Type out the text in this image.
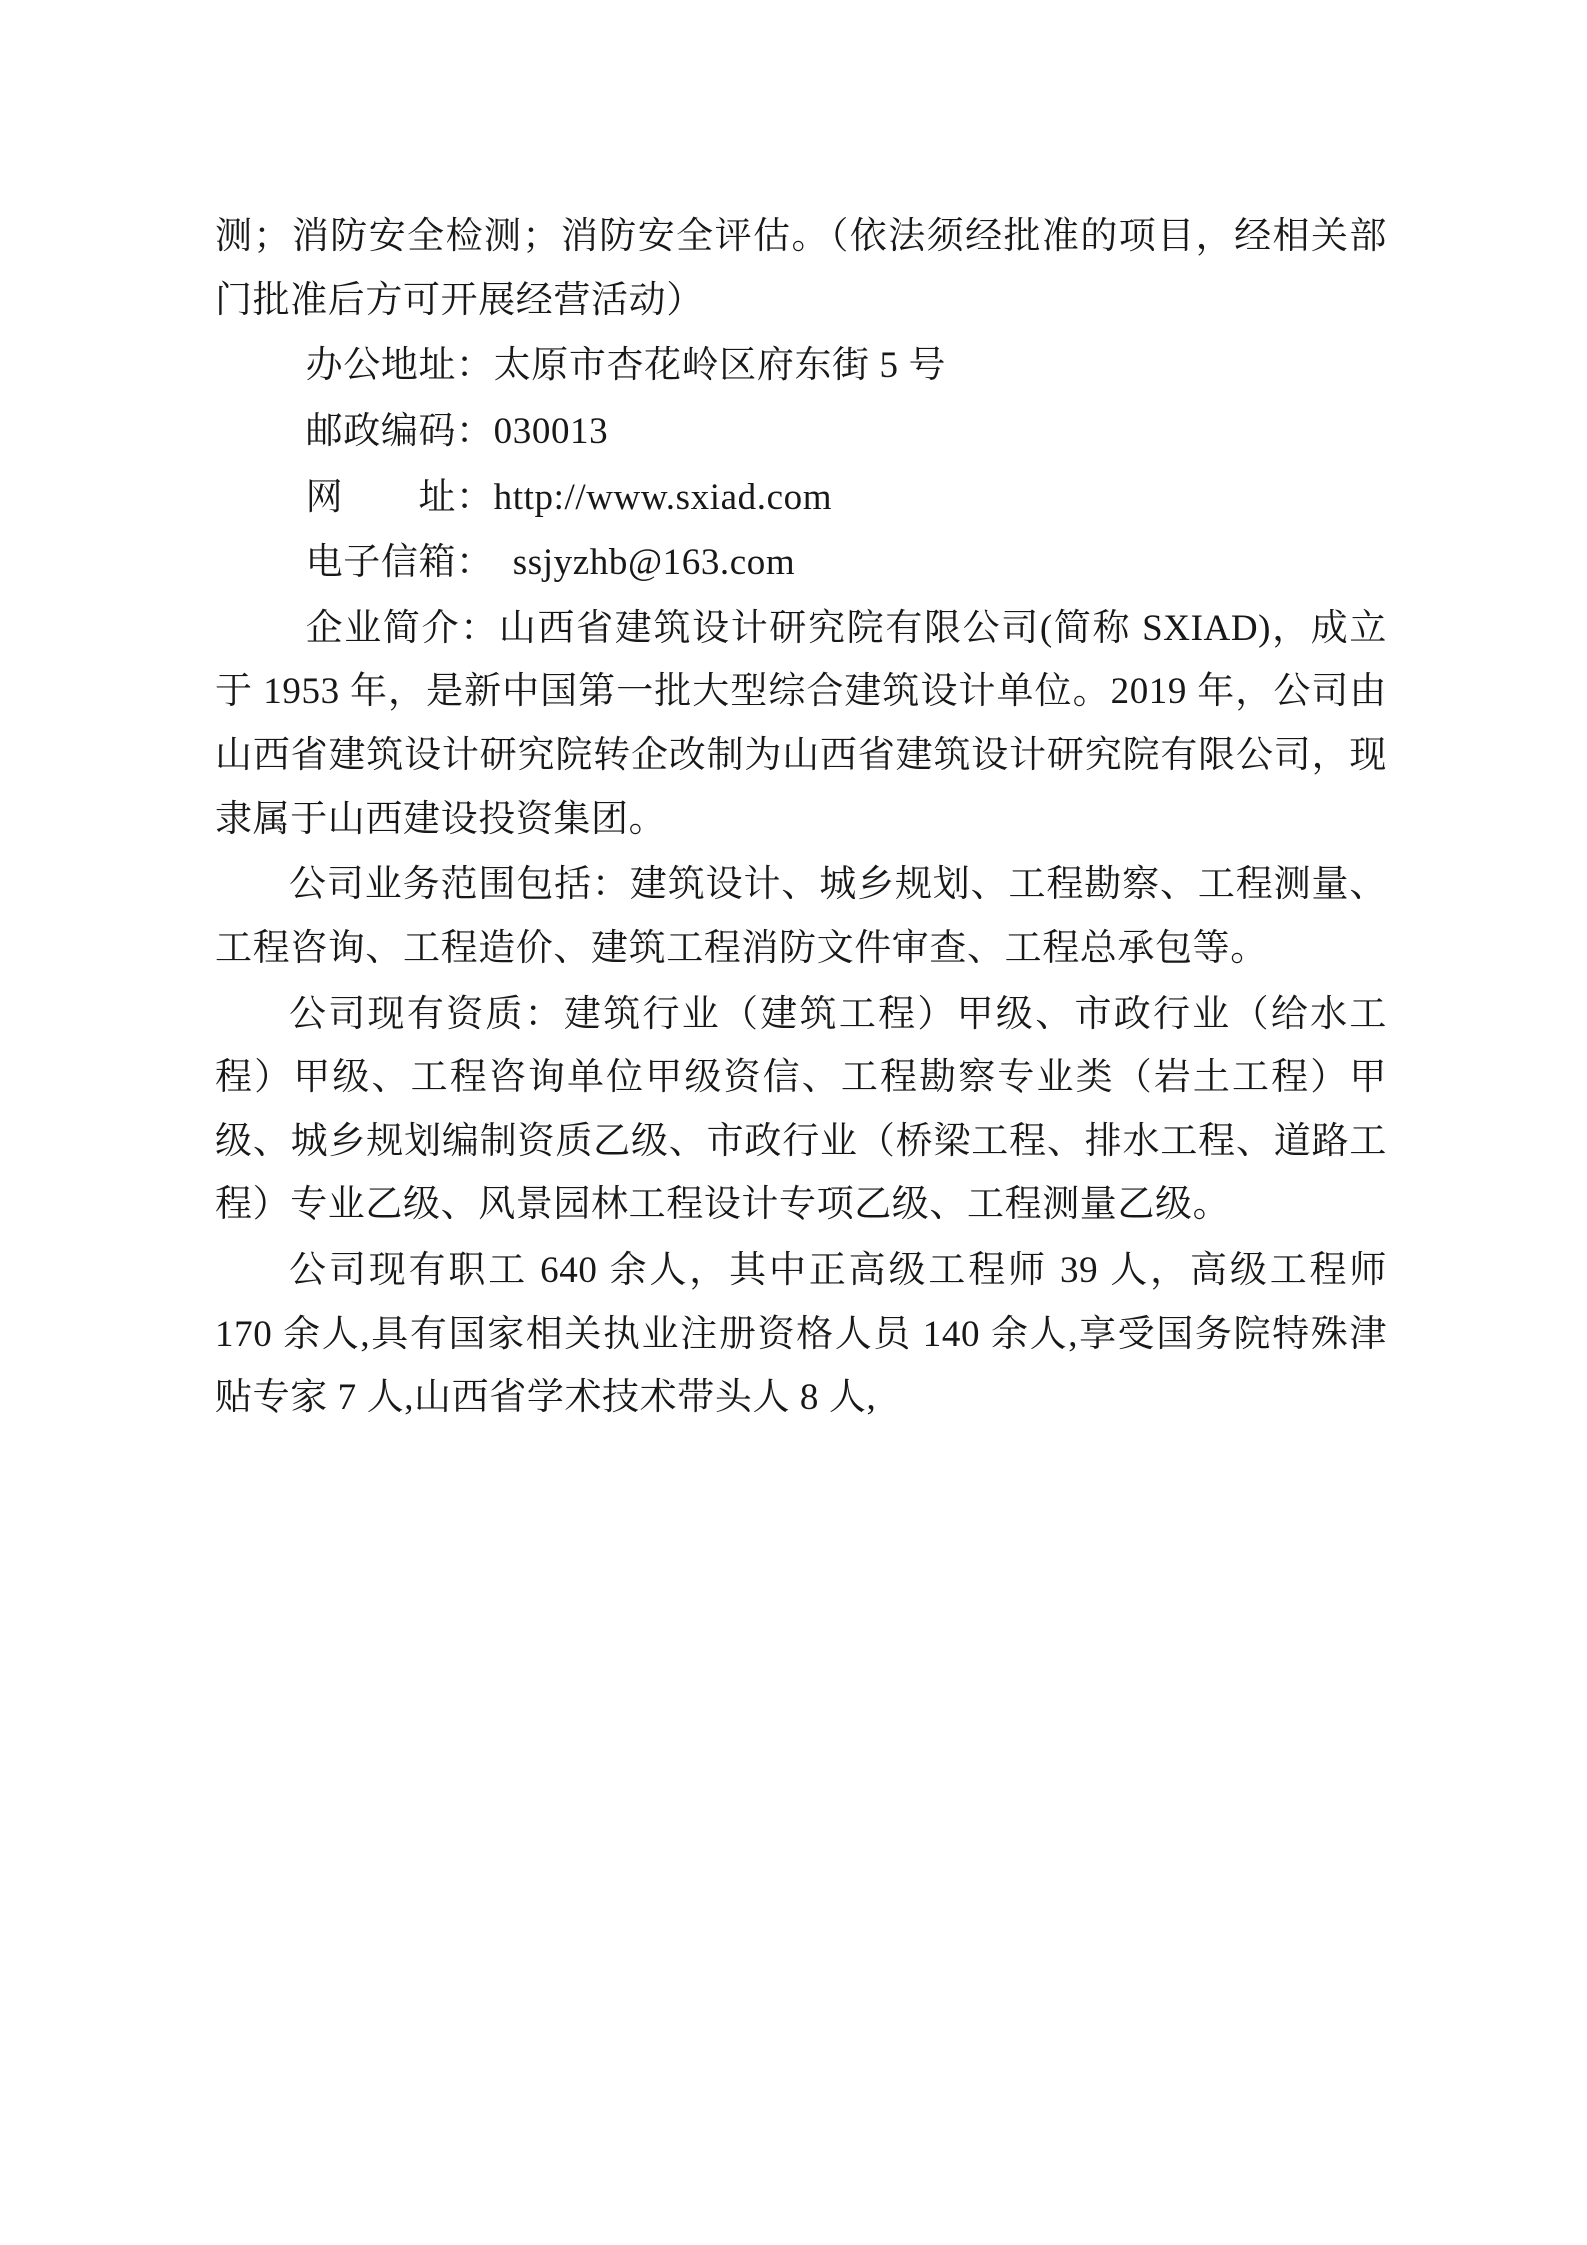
测；消防安全检测；消防安全评估。（依法须经批准的项目，经相关部门批准后方可开展经营活动）

办公地址：太原市杏花岭区府东街 5 号

邮政编码：030013

网　　址：http://www.sxiad.com

电子信箱：　ssjyzhb@163.com

企业简介：山西省建筑设计研究院有限公司(简称 SXIAD)，成立于 1953 年，是新中国第一批大型综合建筑设计单位。2019 年，公司由山西省建筑设计研究院转企改制为山西省建筑设计研究院有限公司，现隶属于山西建设投资集团。

公司业务范围包括：建筑设计、城乡规划、工程勘察、工程测量、工程咨询、工程造价、建筑工程消防文件审查、工程总承包等。

公司现有资质：建筑行业（建筑工程）甲级、市政行业（给水工程）甲级、工程咨询单位甲级资信、工程勘察专业类（岩土工程）甲级、城乡规划编制资质乙级、市政行业（桥梁工程、排水工程、道路工程）专业乙级、风景园林工程设计专项乙级、工程测量乙级。

公司现有职工 640 余人，其中正高级工程师 39 人，高级工程师 170 余人,具有国家相关执业注册资格人员 140 余人,享受国务院特殊津贴专家 7 人,山西省学术技术带头人 8 人,
